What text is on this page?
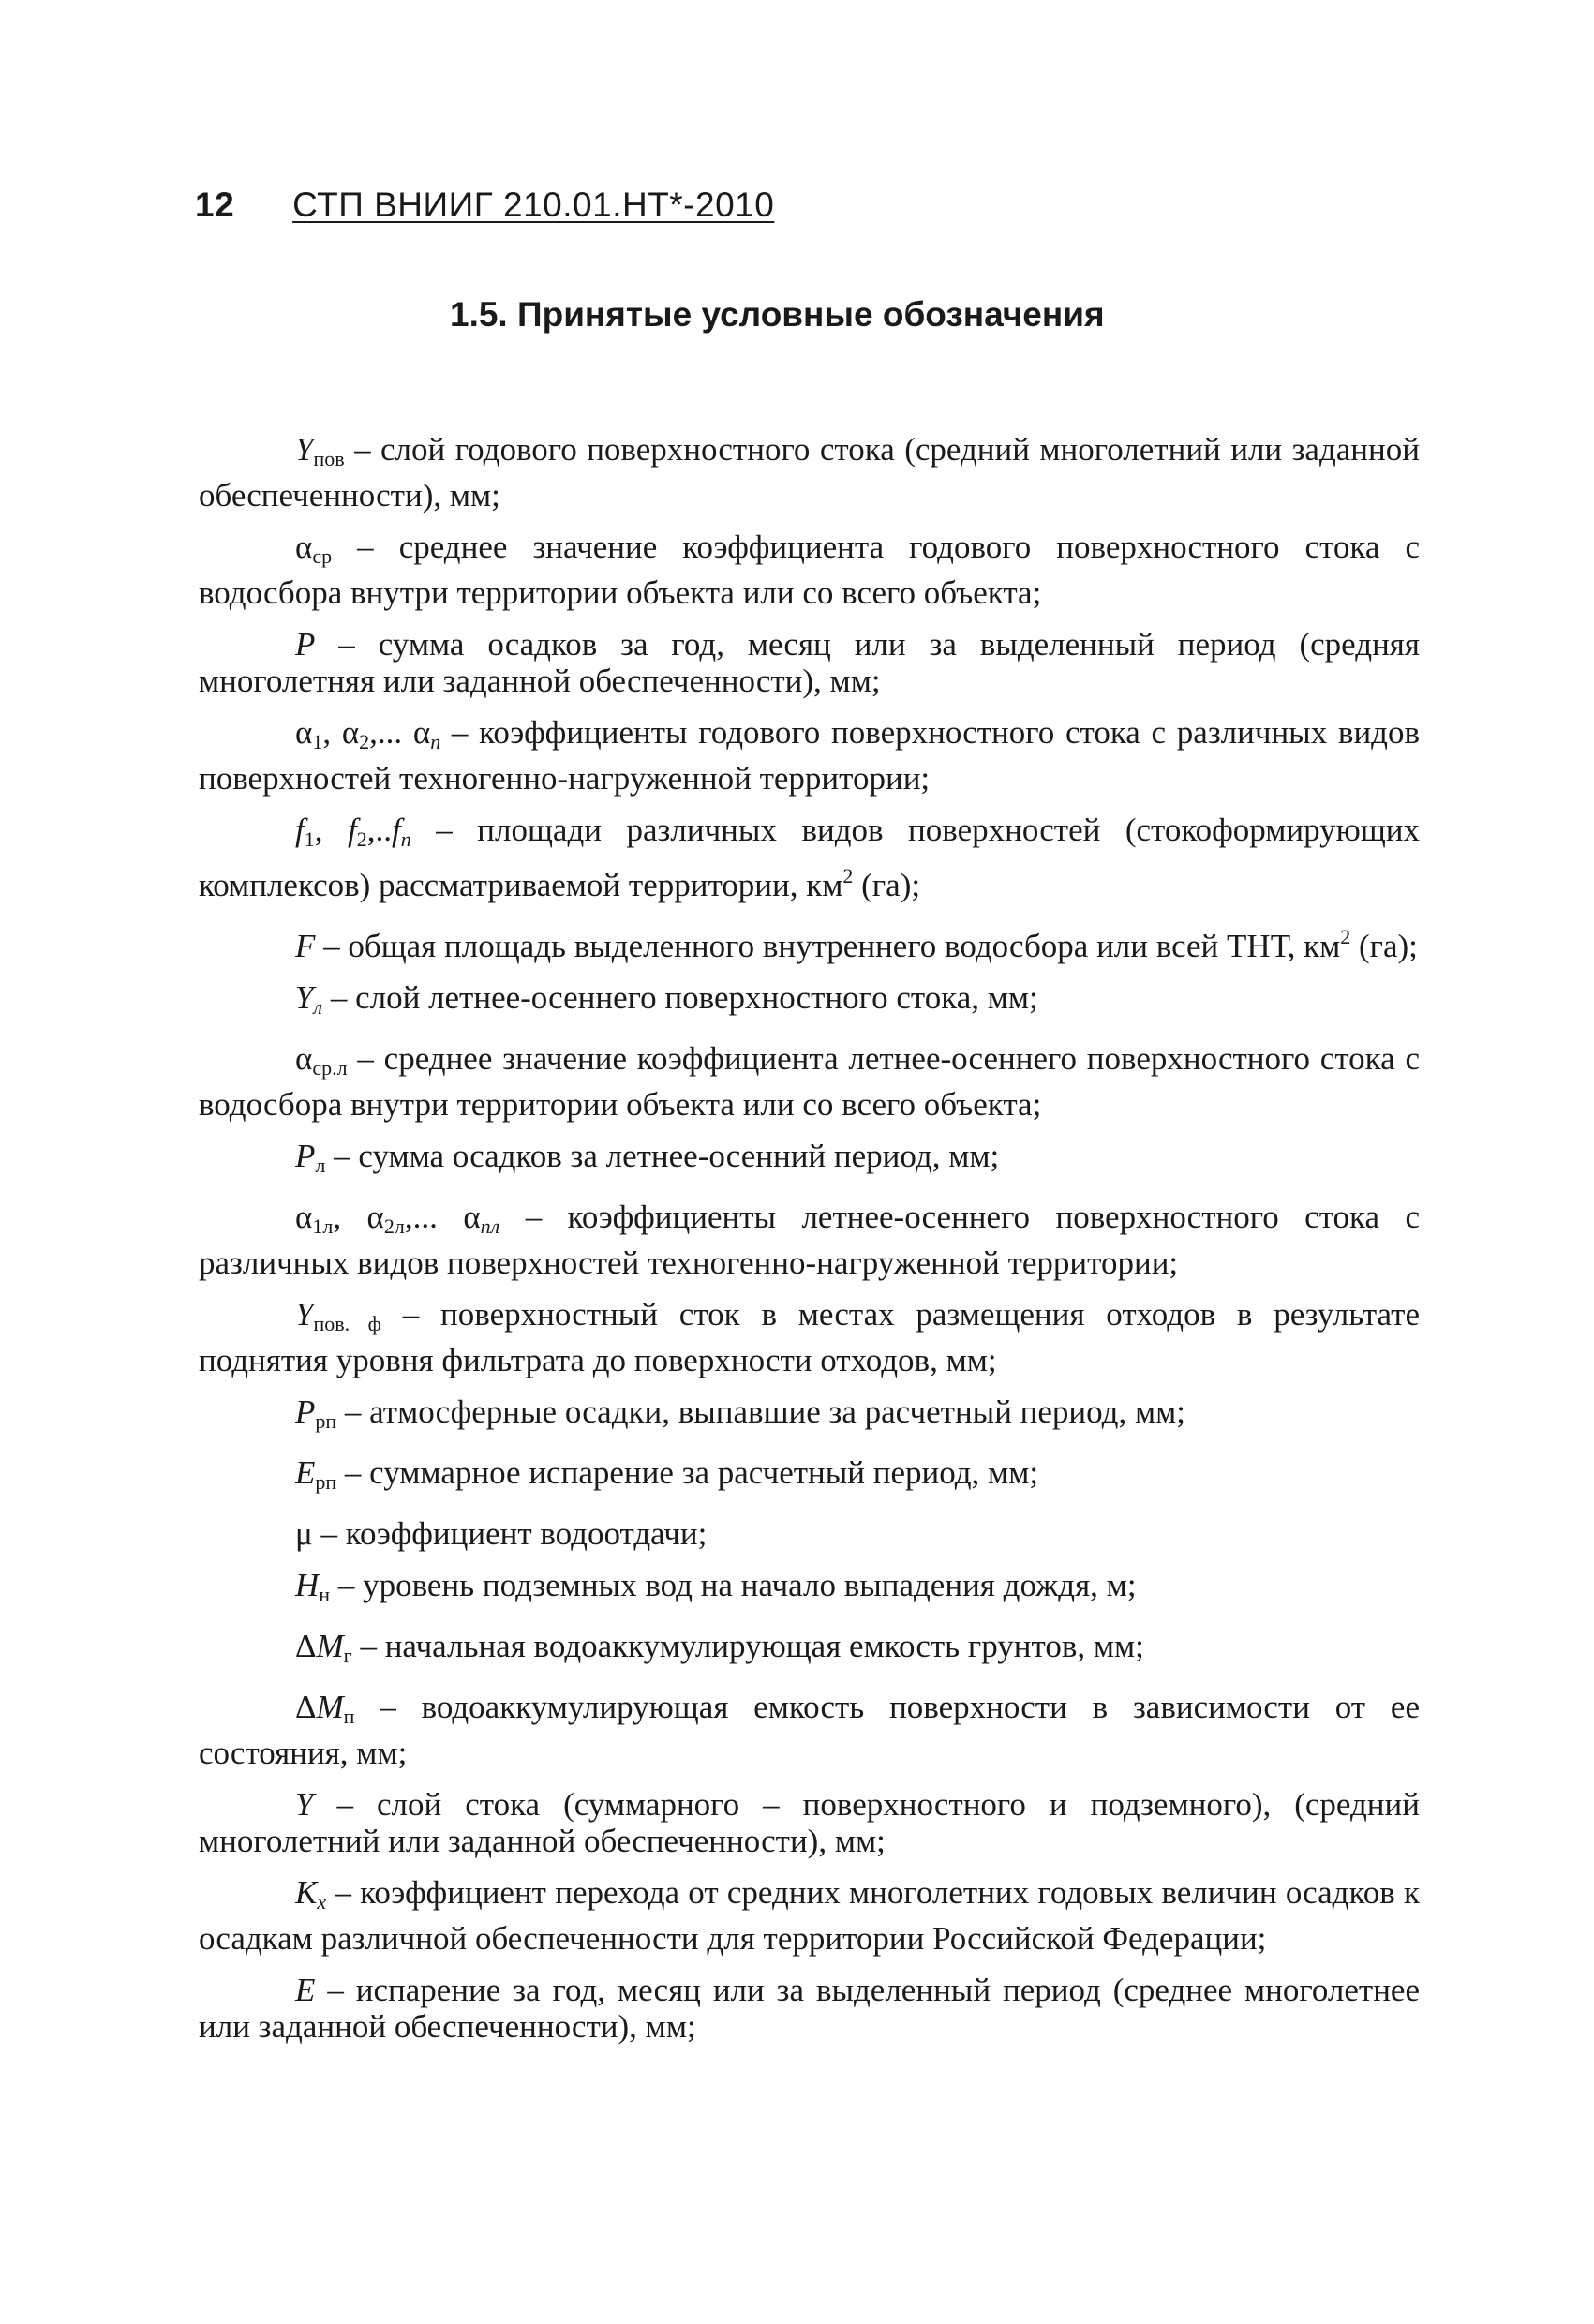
12 СТП ВНИИГ 210.01.НТ*-2010
1.5. Принятые условные обозначения

$Y_{пов}$ – слой годового поверхностного стока (средний многолетний или заданной обеспеченности), мм;

$\alpha_{ср}$ – среднее значение коэффициента годового поверхностного стока с водосбора внутри территории объекта или со всего объекта;

P – сумма осадков за год, месяц или за выделенный период (средняя многолетняя или заданной обеспеченности), мм;

$\alpha_1$, $\alpha_2$,... αn – коэффициенты годового поверхностного стока с различных видов поверхностей техногенно-нагруженной территории;

$f_1$, $f_2,..fn$ – площади различных видов поверхностей (стокоформирующих комплексов) рассматриваемой территории, $км^2$ (га);

F – общая площадь выделенного внутреннего водосбора или всей ТНТ, $км^2$ (га);

Yл – слой летнее-осеннего поверхностного стока, мм;

$\alpha_{ср.л}$ – среднее значение коэффициента летнее-осеннего поверхностного стока с водосбора внутри территории объекта или со всего объекта;

$P_л$ – сумма осадков за летнее-осенний период, мм;

$\alpha_{1л}$, $\alpha_{2л}$,... αnл – коэффициенты летнее-осеннего поверхностного стока с различных видов поверхностей техногенно-нагруженной территории;

$Y_{пов. ф}$ – поверхностный сток в местах размещения отходов в результате поднятия уровня фильтрата до поверхности отходов, мм;

$P_{рп}$ – атмосферные осадки, выпавшие за расчетный период, мм;

$E_{рп}$ – суммарное испарение за расчетный период, мм;

μ – коэффициент водоотдачи;

$H_н$ – уровень подземных вод на начало выпадения дождя, м;

$\Delta M_г$ – начальная водоаккумулирующая емкость грунтов, мм;

$\Delta M_п$ – водоаккумулирующая емкость поверхности в зависимости от ее состояния, мм;

Y – слой стока (суммарного – поверхностного и подземного), (средний многолетний или заданной обеспеченности), мм;

Kx – коэффициент перехода от средних многолетних годовых величин осадков к осадкам различной обеспеченности для территории Российской Федерации;

E – испарение за год, месяц или за выделенный период (среднее многолетнее или заданной обеспеченности), мм;
